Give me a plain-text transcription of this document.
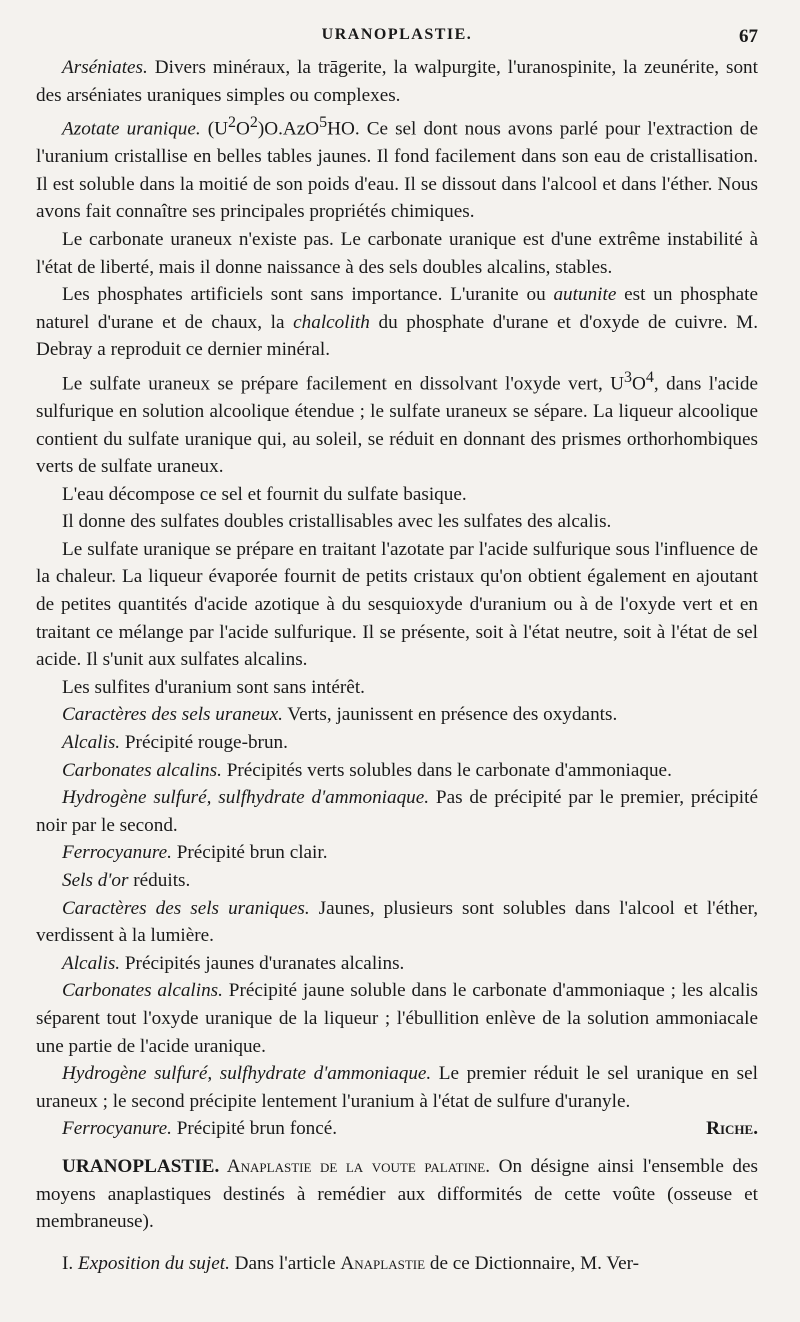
URANOPLASTIE.	67

Arséniates. Divers minéraux, la trāgerite, la walpurgite, l'uranospinite, la zeunérite, sont des arséniates uraniques simples ou complexes.

Azotate uranique. $(U^2O^2)O.AzO^5HO$. Ce sel dont nous avons parlé pour l'extraction de l'uranium cristallise en belles tables jaunes. Il fond facilement dans son eau de cristallisation. Il est soluble dans la moitié de son poids d'eau. Il se dissout dans l'alcool et dans l'éther. Nous avons fait connaître ses principales propriétés chimiques.

Le carbonate uraneux n'existe pas. Le carbonate uranique est d'une extrême instabilité à l'état de liberté, mais il donne naissance à des sels doubles alcalins, stables.

Les phosphates artificiels sont sans importance. L'uranite ou autunite est un phosphate naturel d'urane et de chaux, la chalcolith du phosphate d'urane et d'oxyde de cuivre. M. Debray a reproduit ce dernier minéral.

Le sulfate uraneux se prépare facilement en dissolvant l'oxyde vert, $U^3O^4$, dans l'acide sulfurique en solution alcoolique étendue ; le sulfate uraneux se sépare. La liqueur alcoolique contient du sulfate uranique qui, au soleil, se réduit en donnant des prismes orthorhombiques verts de sulfate uraneux.

L'eau décompose ce sel et fournit du sulfate basique.

Il donne des sulfates doubles cristallisables avec les sulfates des alcalis.

Le sulfate uranique se prépare en traitant l'azotate par l'acide sulfurique sous l'influence de la chaleur. La liqueur évaporée fournit de petits cristaux qu'on obtient également en ajoutant de petites quantités d'acide azotique à du sesquioxyde d'uranium ou à de l'oxyde vert et en traitant ce mélange par l'acide sulfurique. Il se présente, soit à l'état neutre, soit à l'état de sel acide. Il s'unit aux sulfates alcalins.

Les sulfites d'uranium sont sans intérêt.

Caractères des sels uraneux. Verts, jaunissent en présence des oxydants.

Alcalis. Précipité rouge-brun.

Carbonates alcalins. Précipités verts solubles dans le carbonate d'ammoniaque.

Hydrogène sulfuré, sulfhydrate d'ammoniaque. Pas de précipité par le premier, précipité noir par le second.

Ferrocyanure. Précipité brun clair.

Sels d'or réduits.

Caractères des sels uraniques. Jaunes, plusieurs sont solubles dans l'alcool et l'éther, verdissent à la lumière.

Alcalis. Précipités jaunes d'uranates alcalins.

Carbonates alcalins. Précipité jaune soluble dans le carbonate d'ammoniaque ; les alcalis séparent tout l'oxyde uranique de la liqueur ; l'ébullition enlève de la solution ammoniacale une partie de l'acide uranique.

Hydrogène sulfuré, sulfhydrate d'ammoniaque. Le premier réduit le sel uranique en sel uraneux ; le second précipite lentement l'uranium à l'état de sulfure d'uranyle.

Ferrocyanure. Précipité brun foncé.	Riche.

URANOPLASTIE. Anaplastie de la voute palatine. On désigne ainsi l'ensemble des moyens anaplastiques destinés à remédier aux difformités de cette voûte (osseuse et membraneuse).

I. Exposition du sujet. Dans l'article Anaplastie de ce Dictionnaire, M. Ver-
